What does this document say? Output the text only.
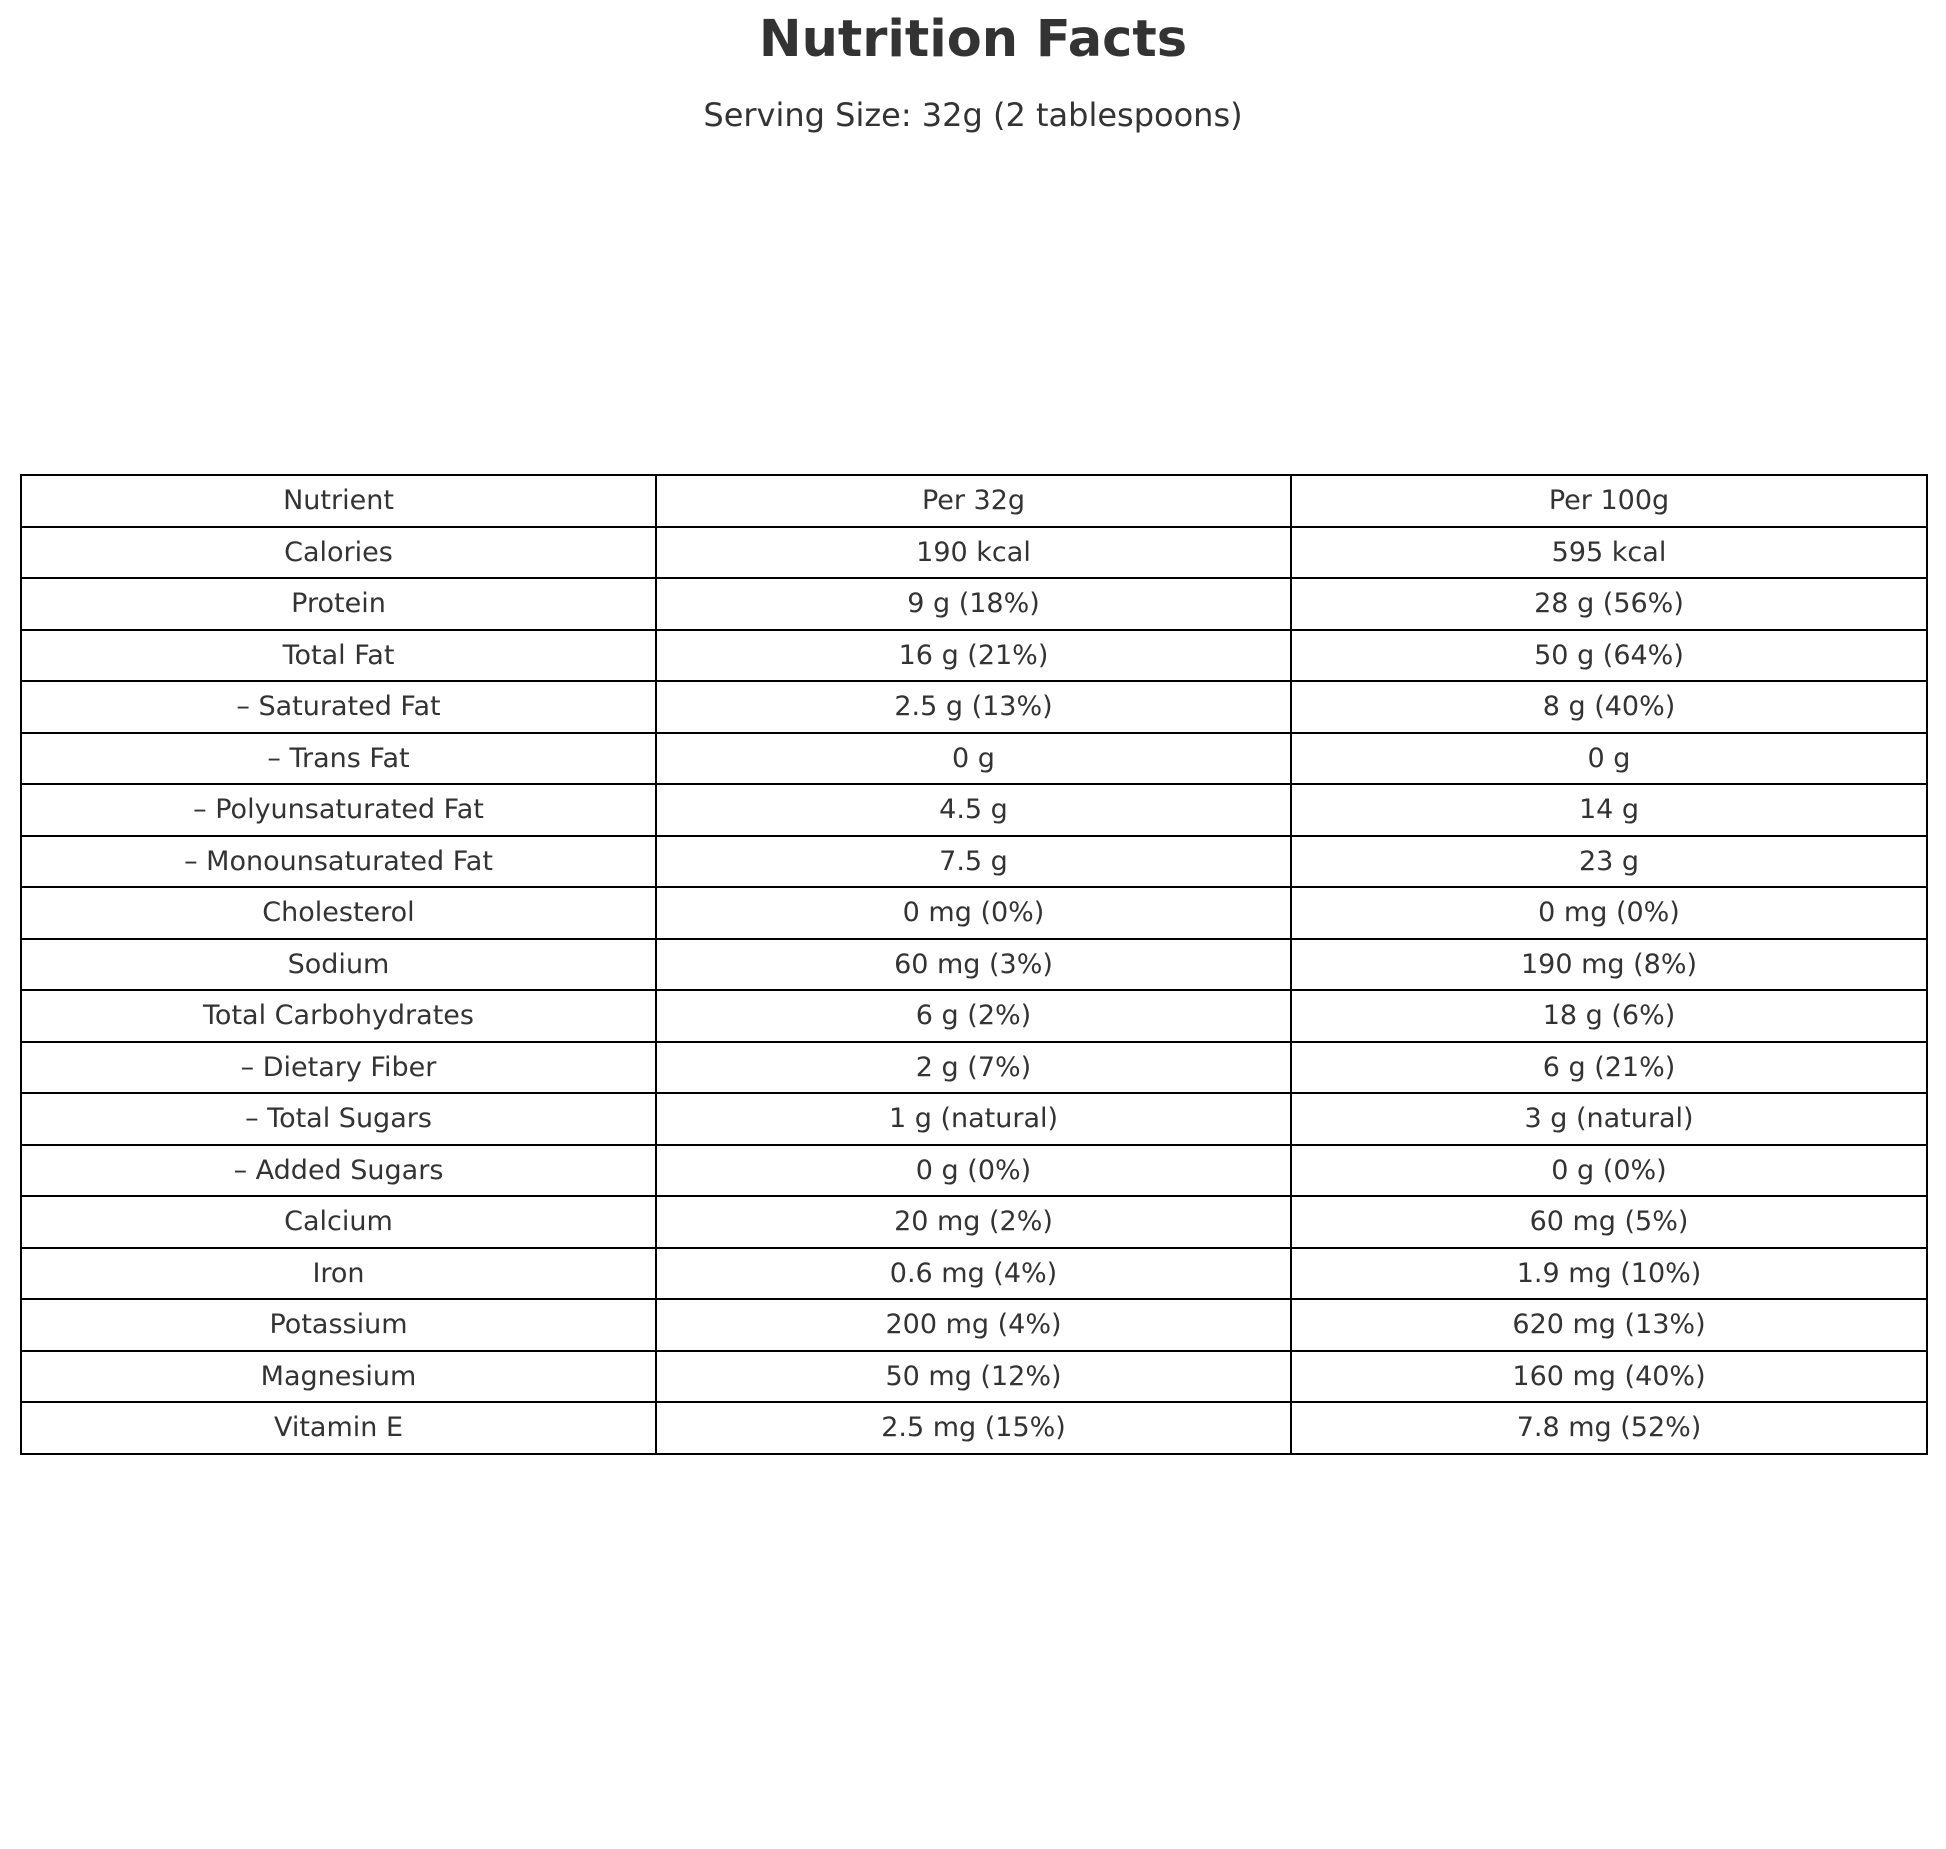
Nutrition Facts
Serving Size: 32g (2 tablespoons)
Nutrient	Per 32g	Per 100g
Calories	190 kcal	595 kcal
Protein	9 g (18%)	28 g (56%)
Total Fat	16 g (21%)	50 g (64%)
– Saturated Fat	2.5 g (13%)	8 g (40%)
– Trans Fat	0 g	0 g
– Polyunsaturated Fat	4.5 g	14 g
– Monounsaturated Fat	7.5 g	23 g
Cholesterol	0 mg (0%)	0 mg (0%)
Sodium	60 mg (3%)	190 mg (8%)
Total Carbohydrates	6 g (2%)	18 g (6%)
– Dietary Fiber	2 g (7%)	6 g (21%)
– Total Sugars	1 g (natural)	3 g (natural)
– Added Sugars	0 g (0%)	0 g (0%)
Calcium	20 mg (2%)	60 mg (5%)
Iron	0.6 mg (4%)	1.9 mg (10%)
Potassium	200 mg (4%)	620 mg (13%)
Magnesium	50 mg (12%)	160 mg (40%)
Vitamin E	2.5 mg (15%)	7.8 mg (52%)
